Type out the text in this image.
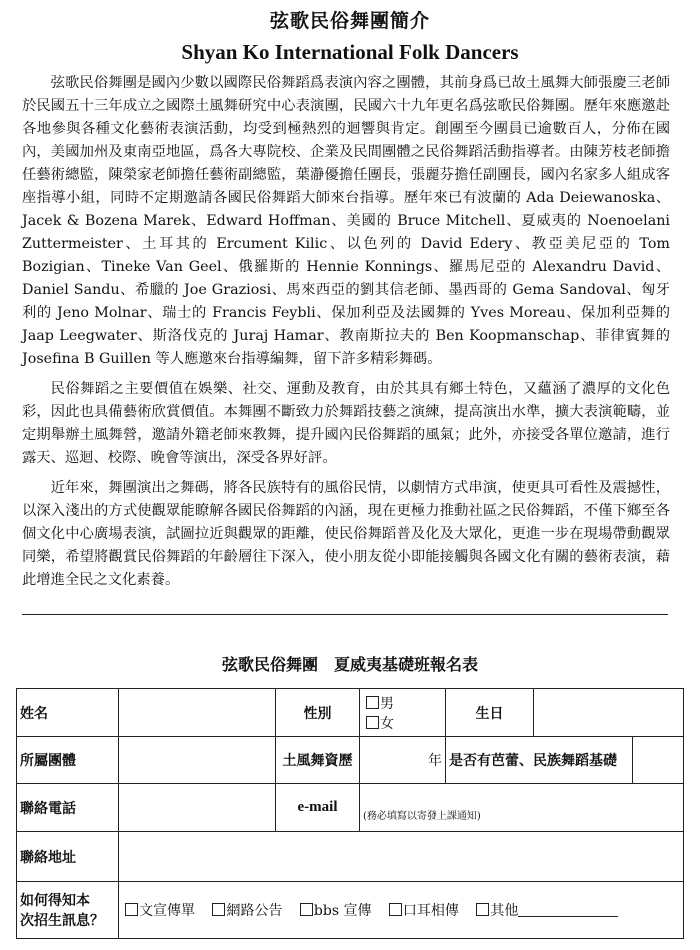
弦歌民俗舞團簡介
Shyan Ko International Folk Dancers

弦歌民俗舞團是國內少數以國際民俗舞蹈爲表演內容之團體，其前身爲已故土風舞大師張慶三老師於民國五十三年成立之國際土風舞研究中心表演團，民國六十九年更名爲弦歌民俗舞團。歷年來應邀赴各地參與各種文化藝術表演活動，均受到極熱烈的迴響與肯定。創團至今團員已逾數百人，分佈在國內，美國加州及東南亞地區，爲各大專院校、企業及民間團體之民俗舞蹈活動指導者。由陳芳枝老師擔任藝術總監，陳榮家老師擔任藝術副總監，葉瀞優擔任團長，張麗芬擔任副團長，國內名家多人組成客座指導小組，同時不定期邀請各國民俗舞蹈大師來台指導。歷年來已有波蘭的 Ada Deiewanoska、Jacek & Bozena Marek、Edward Hoffman、美國的 Bruce Mitchell、夏威夷的 Noenoelani Zuttermeister、土耳其的 Ercument Kilic、以色列的 David Edery、教亞美尼亞的 Tom Bozigian、Tineke Van Geel、俄羅斯的 Hennie Konnings、羅馬尼亞的 Alexandru David、Daniel Sandu、希臘的 Joe Graziosi、馬來西亞的劉其信老師、墨西哥的 Gema Sandoval、匈牙利的 Jeno Molnar、瑞士的 Francis Feybli、保加利亞及法國舞的 Yves Moreau、保加利亞舞的 Jaap Leegwater、斯洛伐克的 Juraj Hamar、教南斯拉夫的 Ben Koopmanschap、菲律賓舞的 Josefina B Guillen 等人應邀來台指導編舞，留下許多精彩舞碼。

民俗舞蹈之主要價值在娛樂、社交、運動及教育，由於其具有鄉土特色，又蘊涵了濃厚的文化色彩，因此也具備藝術欣賞價值。本舞團不斷致力於舞蹈技藝之演練，提高演出水準，擴大表演範疇，並定期舉辦土風舞營，邀請外籍老師來教舞，提升國內民俗舞蹈的風氣；此外，亦接受各單位邀請，進行露天、巡迴、校際、晚會等演出，深受各界好評。

近年來，舞團演出之舞碼，將各民族特有的風俗民情，以劇情方式串演，使更具可看性及震撼性，以深入淺出的方式使觀眾能瞭解各國民俗舞蹈的內涵，現在更極力推動社區之民俗舞蹈，不僅下鄉至各個文化中心廣場表演，試圖拉近與觀眾的距離，使民俗舞蹈普及化及大眾化，更進一步在現場帶動觀眾同樂，希望將觀賞民俗舞蹈的年齡層往下深入，使小朋友從小即能接觸與各國文化有關的藝術表演，藉此增進全民之文化素養。

弦歌民俗舞團 夏威夷基礎班報名表
姓名		性別	男女	生日		
所屬團體		土風舞資歷	年	是否有芭蕾、民族舞蹈基礎		
聯絡電話		e-mail	(務必填寫以寄發上課通知)			

聯絡地址						
如何得知本
次招生訊息？	文宣傳單 網路公告 bbs 宣傳 口耳相傳 其他					
